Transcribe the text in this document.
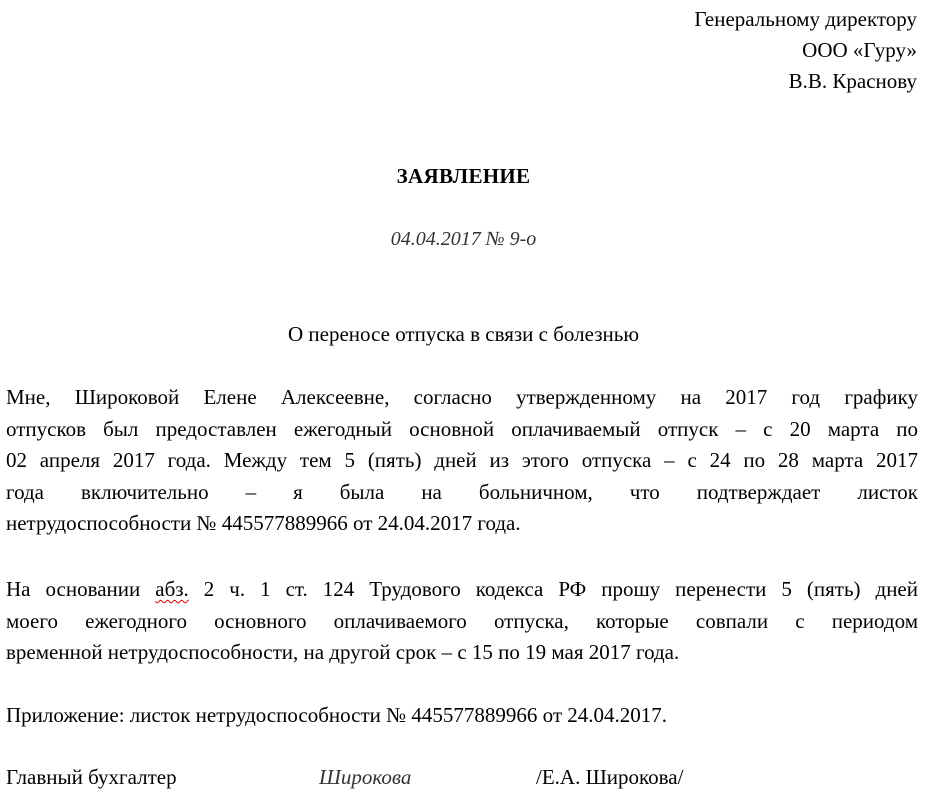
Генеральному директору
ООО «Гуру»
В.В. Краснову
ЗАЯВЛЕНИЕ
04.04.2017 № 9-о
О переносе отпуска в связи с болезнью
Мне, Широковой Елене Алексеевне, согласно утвержденному на 2017 год графику
отпусков был предоставлен ежегодный основной оплачиваемый отпуск – с 20 марта по
02 апреля 2017 года. Между тем 5 (пять) дней из этого отпуска – с 24 по 28 марта 2017
года включительно – я была на больничном, что подтверждает листок
нетрудоспособности № 445577889966 от 24.04.2017 года.
На основании абз. 2 ч. 1 ст. 124 Трудового кодекса РФ прошу перенести 5 (пять) дней
моего ежегодного основного оплачиваемого отпуска, которые совпали с периодом
временной нетрудоспособности, на другой срок – с 15 по 19 мая 2017 года.
Приложение: листок нетрудоспособности № 445577889966 от 24.04.2017.
Главный бухгалтер	Широкова	/Е.А. Широкова/
